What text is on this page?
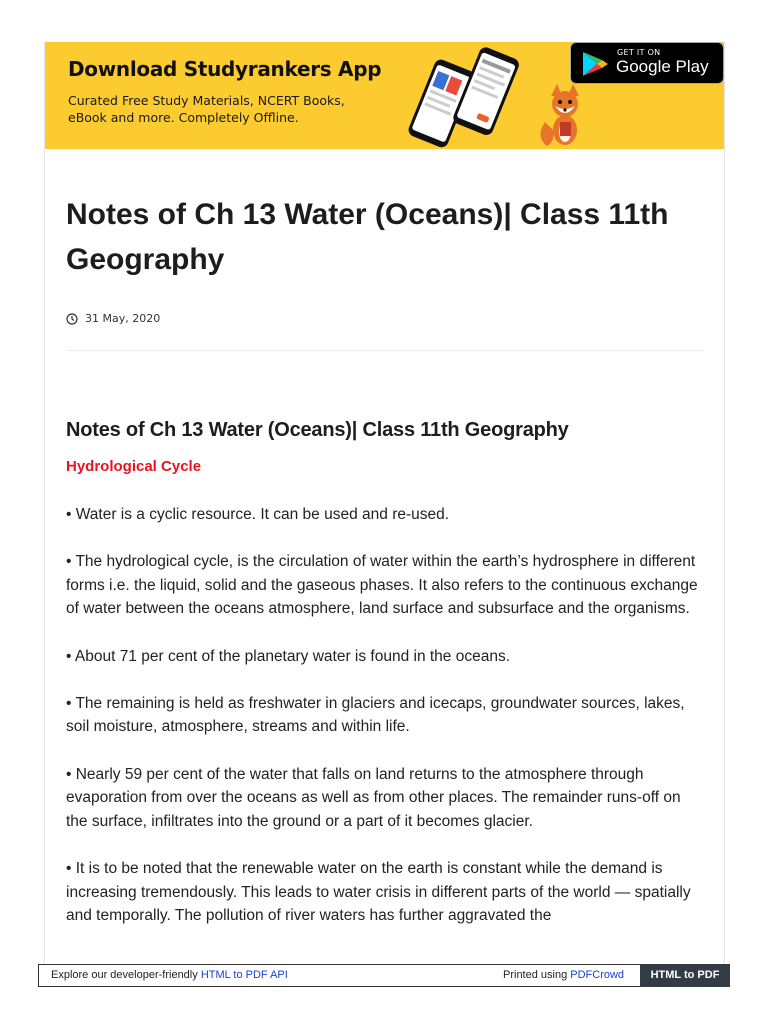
Download Studyrankers App
Curated Free Study Materials, NCERT Books, eBook and more. Completely Offline.
GET IT ON
Google Play
Notes of Ch 13 Water (Oceans)| Class 11th Geography
31 May, 2020
Notes of Ch 13 Water (Oceans)| Class 11th Geography
Hydrological Cycle

• Water is a cyclic resource. It can be used and re-used.

• The hydrological cycle, is the circulation of water within the earth’s hydrosphere in different forms i.e. the liquid, solid and the gaseous phases. It also refers to the continuous exchange of water between the oceans atmosphere, land surface and subsurface and the organisms.

• About 71 per cent of the planetary water is found in the oceans.

• The remaining is held as freshwater in glaciers and icecaps, groundwater sources, lakes, soil moisture, atmosphere, streams and within life.

• Nearly 59 per cent of the water that falls on land returns to the atmosphere through evaporation from over the oceans as well as from other places. The remainder runs-off on the surface, infiltrates into the ground or a part of it becomes glacier.

• It is to be noted that the renewable water on the earth is constant while the demand is increasing tremendously. This leads to water crisis in different parts of the world — spatially and temporally. The pollution of river waters has further aggravated the

Explore our developer-friendly HTML to PDF API	Printed using PDFCrowd	HTML to PDF
